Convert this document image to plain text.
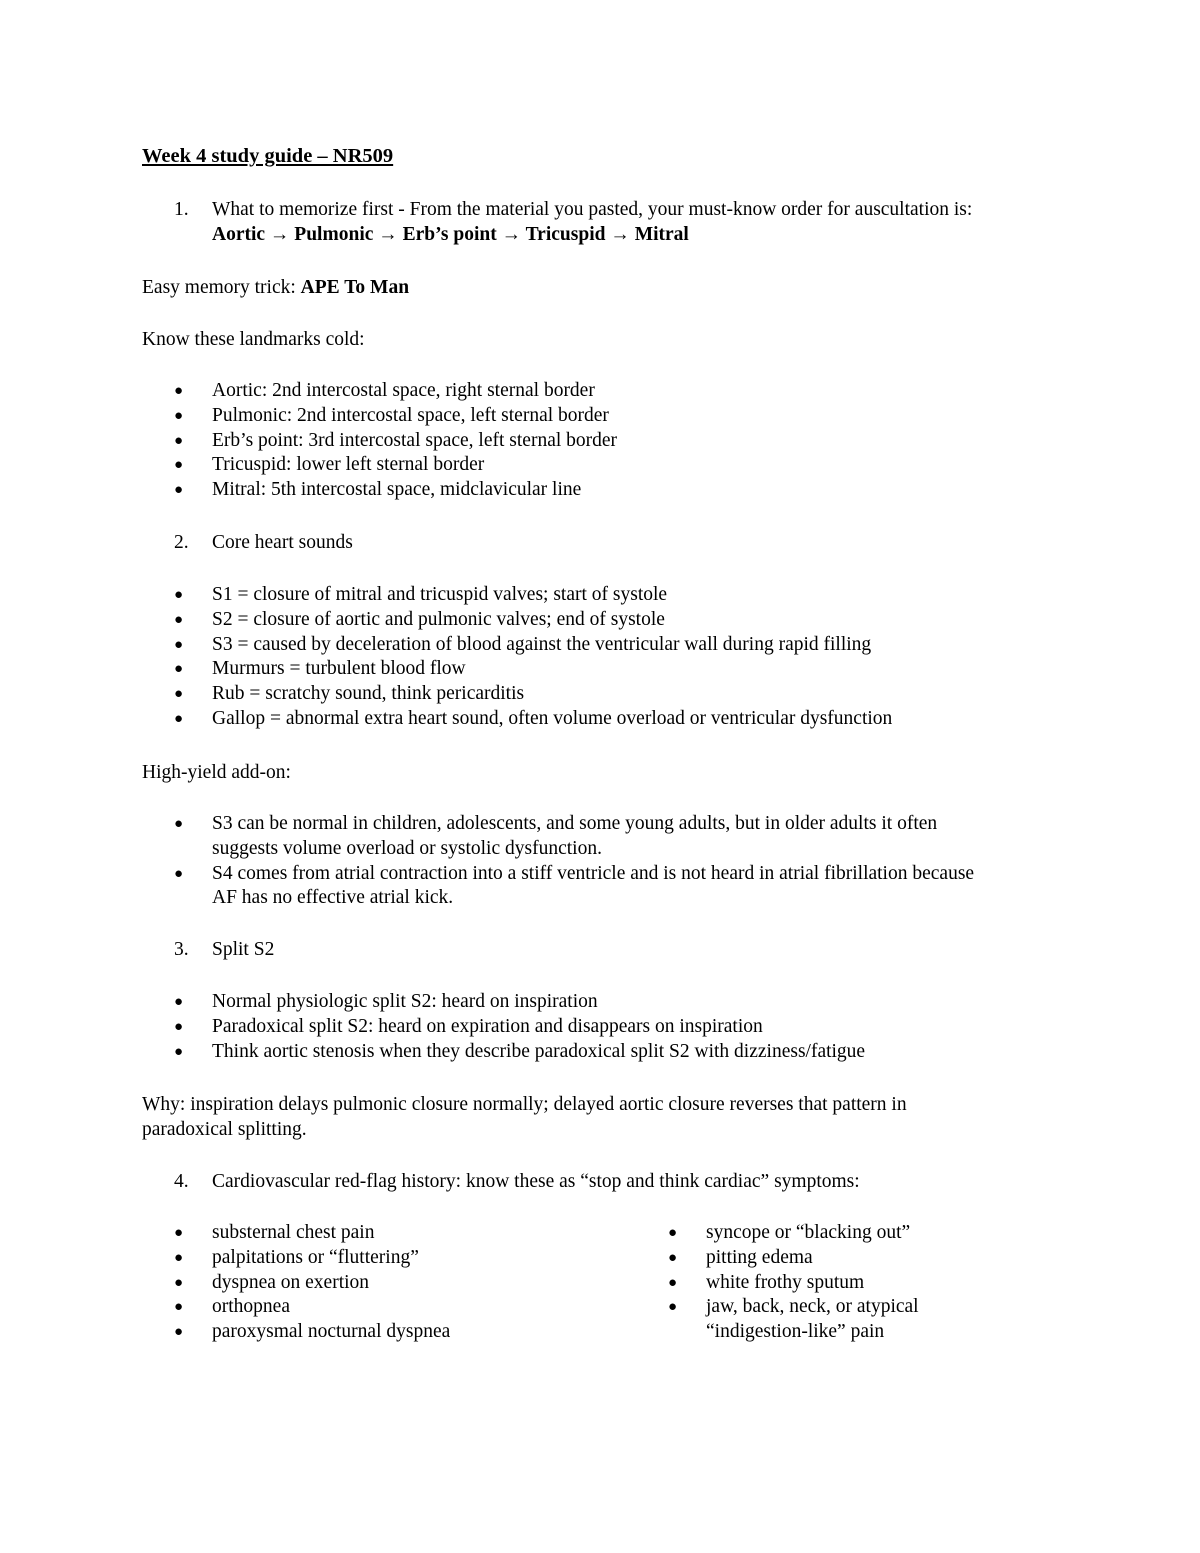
Week 4 study guide – NR509
1. What to memorize first - From the material you pasted, your must-know order for auscultation is:
Aortic → Pulmonic → Erb’s point → Tricuspid → Mitral
Easy memory trick: APE To Man
Know these landmarks cold:
●	Aortic: 2nd intercostal space, right sternal border
●	Pulmonic: 2nd intercostal space, left sternal border
●	Erb’s point: 3rd intercostal space, left sternal border
●	Tricuspid: lower left sternal border
●	Mitral: 5th intercostal space, midclavicular line
2. Core heart sounds
●	S1 = closure of mitral and tricuspid valves; start of systole
●	S2 = closure of aortic and pulmonic valves; end of systole
●	S3 = caused by deceleration of blood against the ventricular wall during rapid filling
●	Murmurs = turbulent blood flow
●	Rub = scratchy sound, think pericarditis
●	Gallop = abnormal extra heart sound, often volume overload or ventricular dysfunction
High-yield add-on:
●	S3 can be normal in children, adolescents, and some young adults, but in older adults it often
suggests volume overload or systolic dysfunction.
●	S4 comes from atrial contraction into a stiff ventricle and is not heard in atrial fibrillation because
AF has no effective atrial kick.
3. Split S2
●	Normal physiologic split S2: heard on inspiration
●	Paradoxical split S2: heard on expiration and disappears on inspiration
●	Think aortic stenosis when they describe paradoxical split S2 with dizziness/fatigue
Why: inspiration delays pulmonic closure normally; delayed aortic closure reverses that pattern in
paradoxical splitting.
4. Cardiovascular red-flag history: know these as “stop and think cardiac” symptoms:
●	substernal chest pain
●	palpitations or “fluttering”
●	dyspnea on exertion
●	orthopnea
●	paroxysmal nocturnal dyspnea
●	syncope or “blacking out”
●	pitting edema
●	white frothy sputum
●	jaw, back, neck, or atypical
“indigestion-like” pain
